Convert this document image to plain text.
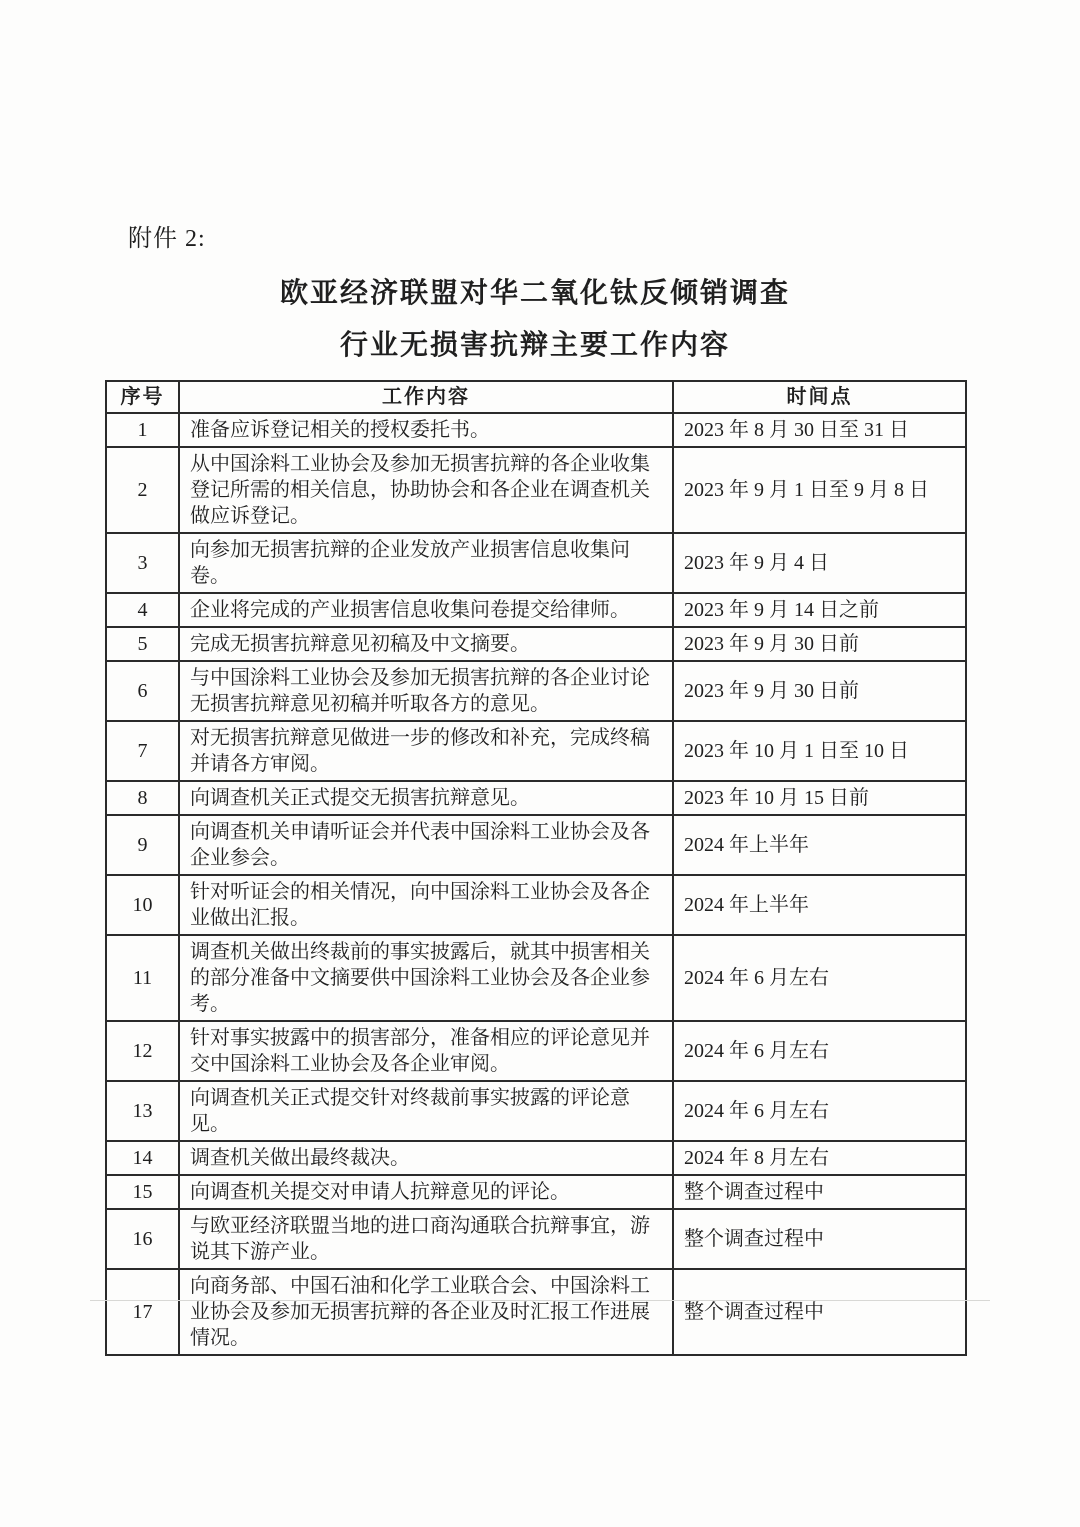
附件 2:
欧亚经济联盟对华二氧化钛反倾销调查
行业无损害抗辩主要工作内容
序号	工作内容	时间点
1	准备应诉登记相关的授权委托书。	2023 年 8 月 30 日至 31 日
2	从中国涂料工业协会及参加无损害抗辩的各企业收集登记所需的相关信息，协助协会和各企业在调查机关做应诉登记。	2023 年 9 月 1 日至 9 月 8 日
3	向参加无损害抗辩的企业发放产业损害信息收集问卷。	2023 年 9 月 4 日
4	企业将完成的产业损害信息收集问卷提交给律师。	2023 年 9 月 14 日之前
5	完成无损害抗辩意见初稿及中文摘要。	2023 年 9 月 30 日前
6	与中国涂料工业协会及参加无损害抗辩的各企业讨论无损害抗辩意见初稿并听取各方的意见。	2023 年 9 月 30 日前
7	对无损害抗辩意见做进一步的修改和补充，完成终稿并请各方审阅。	2023 年 10 月 1 日至 10 日
8	向调查机关正式提交无损害抗辩意见。	2023 年 10 月 15 日前
9	向调查机关申请听证会并代表中国涂料工业协会及各企业参会。	2024 年上半年
10	针对听证会的相关情况，向中国涂料工业协会及各企业做出汇报。	2024 年上半年
11	调查机关做出终裁前的事实披露后，就其中损害相关的部分准备中文摘要供中国涂料工业协会及各企业参考。	2024 年 6 月左右
12	针对事实披露中的损害部分，准备相应的评论意见并交中国涂料工业协会及各企业审阅。	2024 年 6 月左右
13	向调查机关正式提交针对终裁前事实披露的评论意见。	2024 年 6 月左右
14	调查机关做出最终裁决。	2024 年 8 月左右
15	向调查机关提交对申请人抗辩意见的评论。	整个调查过程中
16	与欧亚经济联盟当地的进口商沟通联合抗辩事宜，游说其下游产业。	整个调查过程中
17	向商务部、中国石油和化学工业联合会、中国涂料工业协会及参加无损害抗辩的各企业及时汇报工作进展情况。	整个调查过程中
